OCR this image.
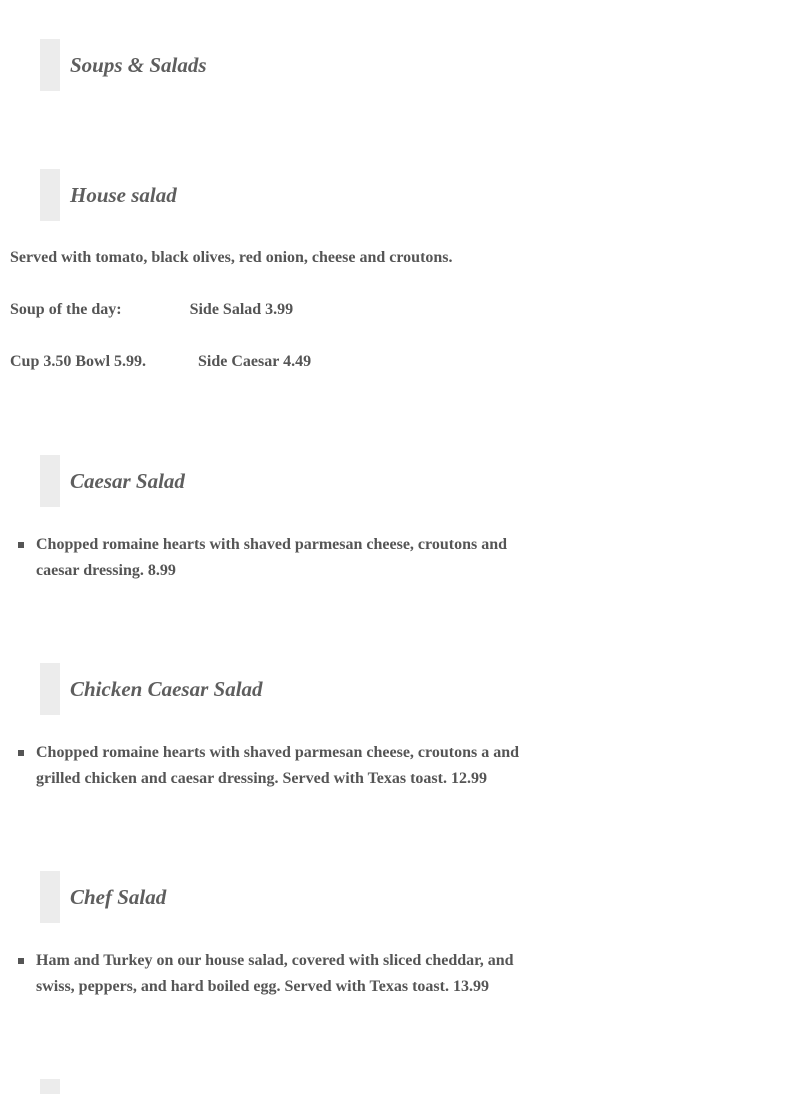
Soups & Salads
House salad
Served with tomato, black olives, red onion, cheese and croutons.
Soup of the day:	Side Salad 3.99
Cup 3.50 Bowl 5.99.	Side Caesar 4.49
Caesar Salad
Chopped romaine hearts with shaved parmesan cheese, croutons and caesar dressing. 8.99
Chicken Caesar Salad
Chopped romaine hearts with shaved parmesan cheese, croutons a and grilled chicken and caesar dressing. Served with Texas toast. 12.99
Chef Salad
Ham and Turkey on our house salad, covered with sliced cheddar, and swiss, peppers, and hard boiled egg. Served with Texas toast. 13.99
